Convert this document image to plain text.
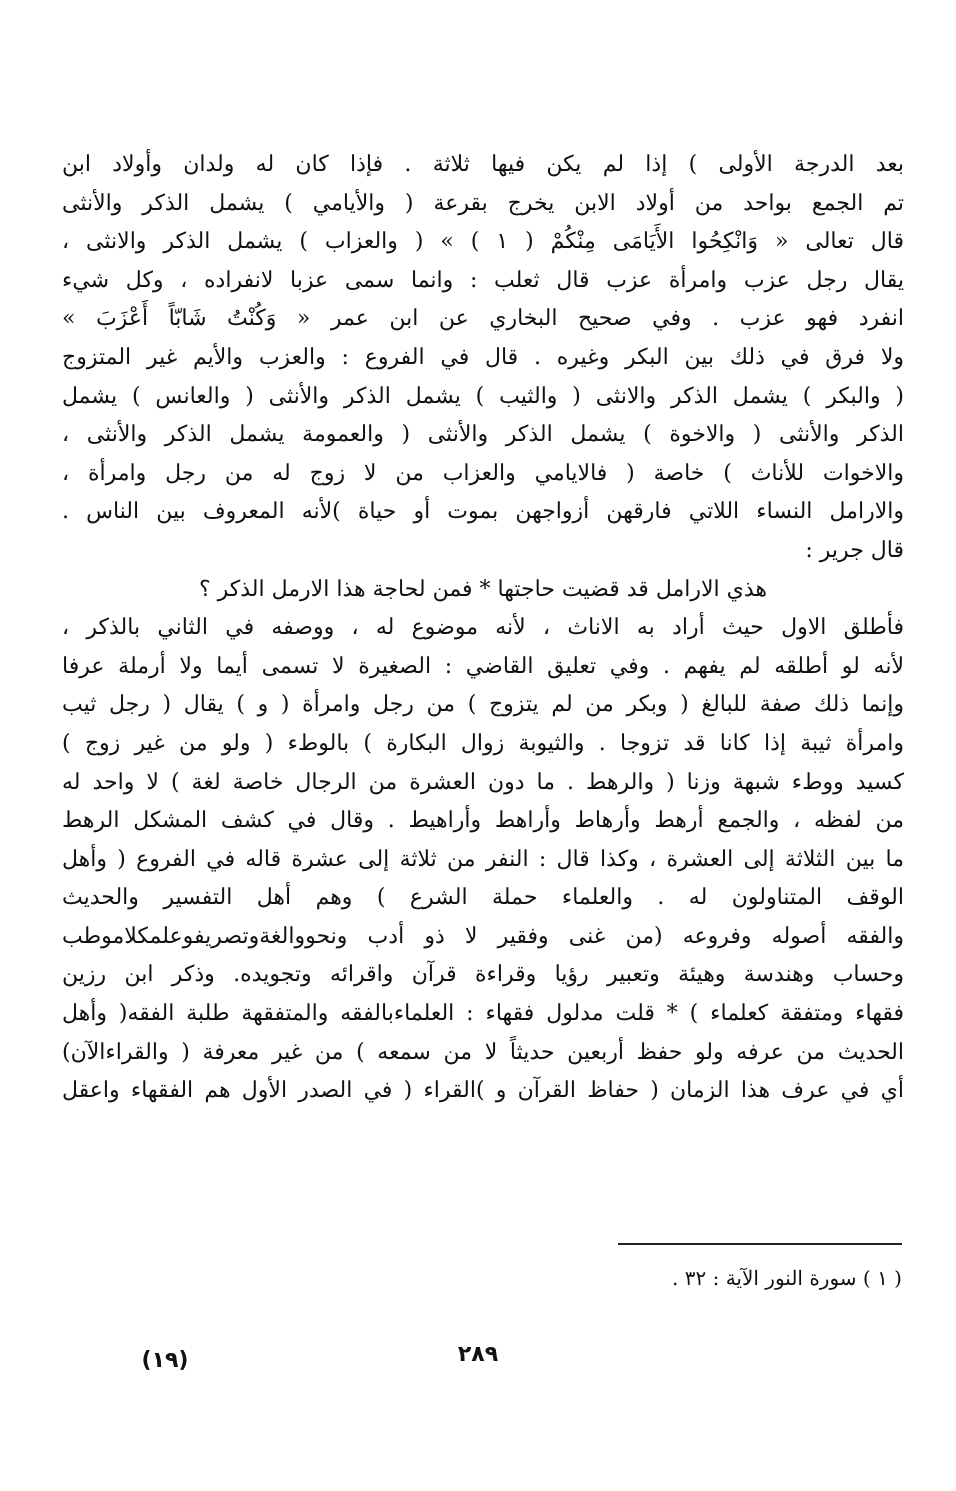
بعد الدرجة الأولى ) إذا لم يكن فيها ثلاثة . فإذا كان له ولدان وأولاد ابن
تم الجمع بواحد من أولاد الابن يخرج بقرعة ( والأيامي ) يشمل الذكر والأنثى
قال تعالى « وَانْكِحُوا الأَيَامَى مِنْكُمْ ( ١ ) » ( والعزاب ) يشمل الذكر والانثى ،
يقال رجل عزب وامرأة عزب قال ثعلب : وانما سمى عزبا لانفراده ، وكل شيء
انفرد فهو عزب . وفي صحيح البخاري عن ابن عمر « وَكُنْتُ شَابّاً أَعْزَبَ »
ولا فرق في ذلك بين البكر وغيره . قال في الفروع : والعزب والأيم غير المتزوج
( والبكر ) يشمل الذكر والانثى ( والثيب ) يشمل الذكر والأنثى ( والعانس ) يشمل
الذكر والأنثى ( والاخوة ) يشمل الذكر والأنثى ( والعمومة يشمل الذكر والأنثى ،
والاخوات للأناث ) خاصة ( فالايامي والعزاب من لا زوج له من رجل وامرأة ،
والارامل النساء اللاتي فارقهن أزواجهن بموت أو حياة )لأنه المعروف بين الناس .
قال جرير :
هذي الارامل قد قضيت حاجتها * فمن لحاجة هذا الارمل الذكر ؟
فأطلق الاول حيث أراد به الاناث ، لأنه موضوع له ، ووصفه في الثاني بالذكر ،
لأنه لو أطلقه لم يفهم . وفي تعليق القاضي : الصغيرة لا تسمى أيما ولا أرملة عرفا
وإنما ذلك صفة للبالغ ( وبكر من لم يتزوج ) من رجل وامرأة ( و ) يقال ( رجل ثيب
وامرأة ثيبة إذا كانا قد تزوجا . والثيوبة زوال البكارة ) بالوطء ( ولو من غير زوج )
كسيد ووطء شبهة وزنا ( والرهط . ما دون العشرة من الرجال خاصة لغة ) لا واحد له
من لفظه ، والجمع أرهط وأرهاط وأراهط وأراهيط . وقال في كشف المشكل الرهط
ما بين الثلاثة إلى العشرة ، وكذا قال : النفر من ثلاثة إلى عشرة قاله في الفروع ( وأهل
الوقف المتناولون له . والعلماء حملة الشرع ) وهم أهل التفسير والحديث
والفقه أصوله وفروعه (من غنى وفقير لا ذو أدب ونحووالغةوتصريفوعلمكلاموطب
وحساب وهندسة وهيئة وتعبير رؤيا وقراءة قرآن واقرائه وتجويده. وذكر ابن رزين
فقهاء ومتفقة كعلماء ) * قلت مدلول فقهاء : العلماءبالفقه والمتفقهة طلبة الفقه( وأهل
الحديث من عرفه ولو حفظ أربعين حديثاً لا من سمعه ) من غير معرفة ( والقراءالآن)
أي في عرف هذا الزمان ( حفاظ القرآن و )القراء ( في الصدر الأول هم الفقهاء واعقل
( ١ ) سورة النور الآية : ٣٢ .
٢٨٩
(١٩)
